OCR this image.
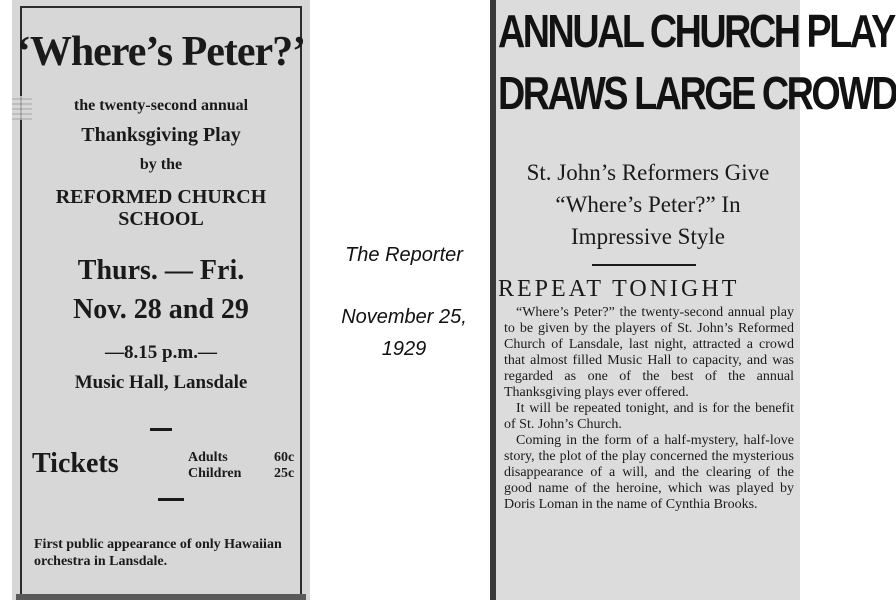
‘Where’s Peter?’
the twenty-second annual
Thanksgiving Play
by the
REFORMED CHURCH
SCHOOL
Thurs. — Fri.
Nov. 28 and 29
—8.15 p.m.—
Music Hall, Lansdale
Tickets	Adults	60c
Children 25c
First public appearance of only Hawaiian orchestra in Lansdale.
The Reporter
November 25,
1929
ANNUAL CHURCH PLAY
DRAWS LARGE CROWD
St. John’s Reformers Give
“Where’s Peter?” In
Impressive Style
REPEAT TONIGHT

“Where’s Peter?” the twenty-second annual play to be given by the players of St. John’s Reformed Church of Lansdale, last night, attracted a crowd that almost filled Music Hall to capacity, and was regarded as one of the best of the annual Thanksgiving plays ever offered.

It will be repeated tonight, and is for the benefit of St. John’s Church.

Coming in the form of a half-mystery, half-love story, the plot of the play concerned the mysterious disappearance of a will, and the clearing of the good name of the heroine, which was played by Doris Loman in the name of Cynthia Brooks.
